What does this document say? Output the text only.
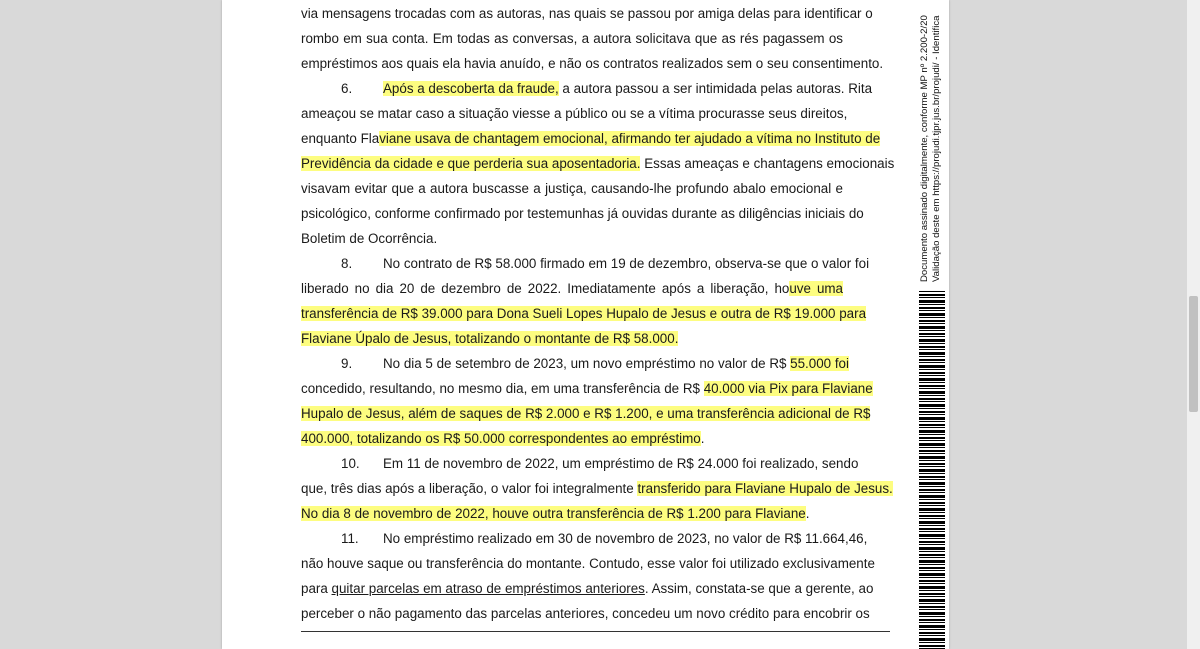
via mensagens trocadas com as autoras, nas quais se passou por amiga delas para identificar o
rombo em sua conta. Em todas as conversas, a autora solicitava que as rés pagassem os
empréstimos aos quais ela havia anuído, e não os contratos realizados sem o seu consentimento.
6. Após a descoberta da fraude, a autora passou a ser intimidada pelas autoras. Rita
ameaçou se matar caso a situação viesse a público ou se a vítima procurasse seus direitos,
enquanto Flaviane usava de chantagem emocional, afirmando ter ajudado a vítima no Instituto de
Previdência da cidade e que perderia sua aposentadoria. Essas ameaças e chantagens emocionais
visavam evitar que a autora buscasse a justiça, causando-lhe profundo abalo emocional e
psicológico, conforme confirmado por testemunhas já ouvidas durante as diligências iniciais do
Boletim de Ocorrência.
8. No contrato de R$ 58.000 firmado em 19 de dezembro, observa-se que o valor foi
liberado no dia 20 de dezembro de 2022. Imediatamente após a liberação, houve uma
transferência de R$ 39.000 para Dona Sueli Lopes Hupalo de Jesus e outra de R$ 19.000 para
Flaviane Úpalo de Jesus, totalizando o montante de R$ 58.000.
9. No dia 5 de setembro de 2023, um novo empréstimo no valor de R$ 55.000 foi
concedido, resultando, no mesmo dia, em uma transferência de R$ 40.000 via Pix para Flaviane
Hupalo de Jesus, além de saques de R$ 2.000 e R$ 1.200, e uma transferência adicional de R$
400.000, totalizando os R$ 50.000 correspondentes ao empréstimo.
10. Em 11 de novembro de 2022, um empréstimo de R$ 24.000 foi realizado, sendo
que, três dias após a liberação, o valor foi integralmente transferido para Flaviane Hupalo de Jesus.
No dia 8 de novembro de 2022, houve outra transferência de R$ 1.200 para Flaviane.
11. No empréstimo realizado em 30 de novembro de 2023, no valor de R$ 11.664,46,
não houve saque ou transferência do montante. Contudo, esse valor foi utilizado exclusivamente
para quitar parcelas em atraso de empréstimos anteriores. Assim, constata-se que a gerente, ao
perceber o não pagamento das parcelas anteriores, concedeu um novo crédito para encobrir os
Documento assinado digitalmente, conforme MP nº 2.200-2/20 Validação deste em https://projudi.tjpr.jus.br/projudi/ - Identifica
